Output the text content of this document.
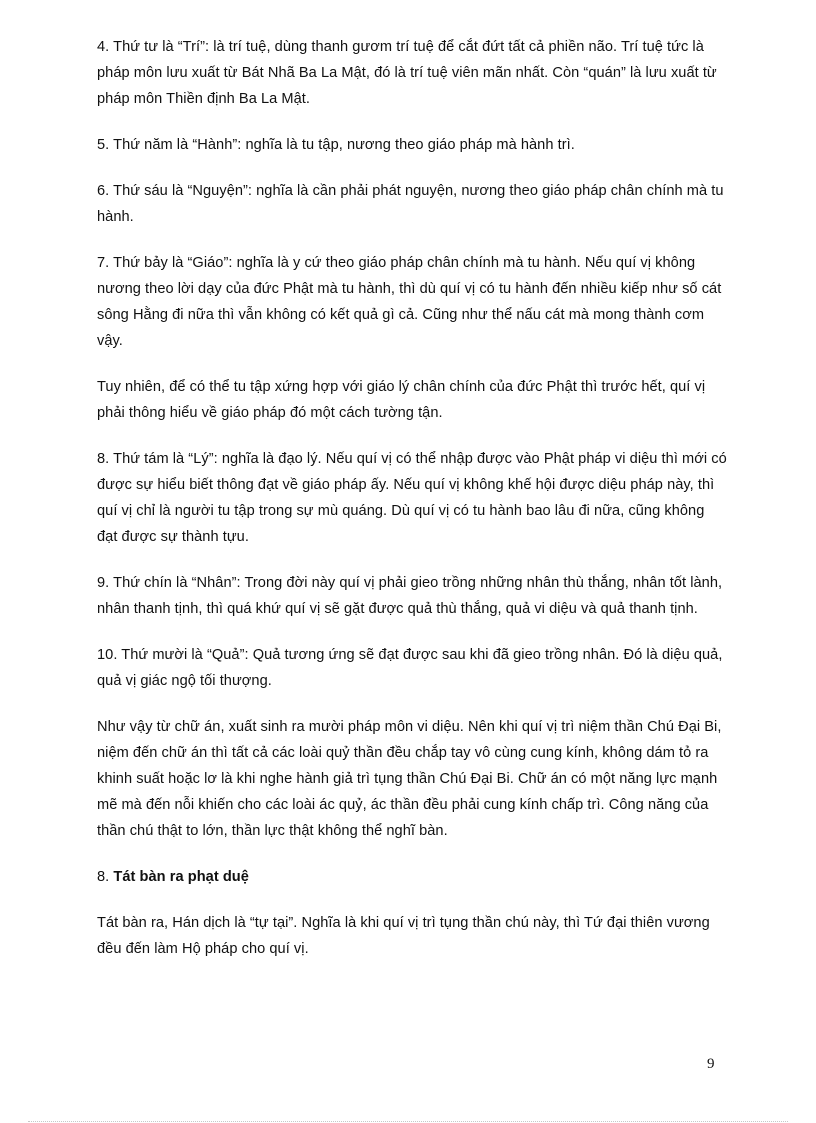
4. Thứ tư là “Trí”: là trí tuệ, dùng thanh gươm trí tuệ để cắt đứt tất cả phiền não. Trí tuệ tức là pháp môn lưu xuất từ Bát Nhã Ba La Mật, đó là trí tuệ viên mãn nhất. Còn “quán” là lưu xuất từ pháp môn Thiền định Ba La Mật.

5. Thứ năm là “Hành”: nghĩa là tu tập, nương theo giáo pháp mà hành trì.

6. Thứ sáu là “Nguyện”: nghĩa là cần phải phát nguyện, nương theo giáo pháp chân chính mà tu hành.

7. Thứ bảy là “Giáo”: nghĩa là y cứ theo giáo pháp chân chính mà tu hành. Nếu quí vị không nương theo lời dạy của đức Phật mà tu hành, thì dù quí vị có tu hành đến nhiều kiếp như số cát sông Hằng đi nữa thì vẫn không có kết quả gì cả. Cũng như thể nấu cát mà mong thành cơm vậy.

Tuy nhiên, để có thể tu tập xứng hợp với giáo lý chân chính của đức Phật thì trước hết, quí vị phải thông hiểu về giáo pháp đó một cách tường tận.

8. Thứ tám là “Lý”: nghĩa là đạo lý. Nếu quí vị có thể nhập được vào Phật pháp vi diệu thì mới có được sự hiểu biết thông đạt về giáo pháp ấy. Nếu quí vị không khế hội được diệu pháp này, thì quí vị chỉ là người tu tập trong sự mù quáng. Dù quí vị có tu hành bao lâu đi nữa, cũng không đạt được sự thành tựu.

9. Thứ chín là “Nhân”: Trong đời này quí vị phải gieo trồng những nhân thù thắng, nhân tốt lành, nhân thanh tịnh, thì quá khứ quí vị sẽ gặt được quả thù thắng, quả vi diệu và quả thanh tịnh.

10. Thứ mười là “Quả”: Quả tương ứng sẽ đạt được sau khi đã gieo trồng nhân. Đó là diệu quả, quả vị giác ngộ tối thượng.

Như vậy từ chữ án, xuất sinh ra mười pháp môn vi diệu. Nên khi quí vị trì niệm thần Chú Đại Bi, niệm đến chữ án thì tất cả các loài quỷ thần đều chắp tay vô cùng cung kính, không dám tỏ ra khinh suất hoặc lơ là khi nghe hành giả trì tụng thần Chú Đại Bi. Chữ án có một năng lực mạnh mẽ mà đến nỗi khiến cho các loài ác quỷ, ác thần đều phải cung kính chấp trì. Công năng của thần chú thật to lớn, thần lực thật không thể nghĩ bàn.

8. Tát bàn ra phạt duệ

Tát bàn ra, Hán dịch là “tự tại”. Nghĩa là khi quí vị trì tụng thần chú này, thì Tứ đại thiên vương đều đến làm Hộ pháp cho quí vị.

9
